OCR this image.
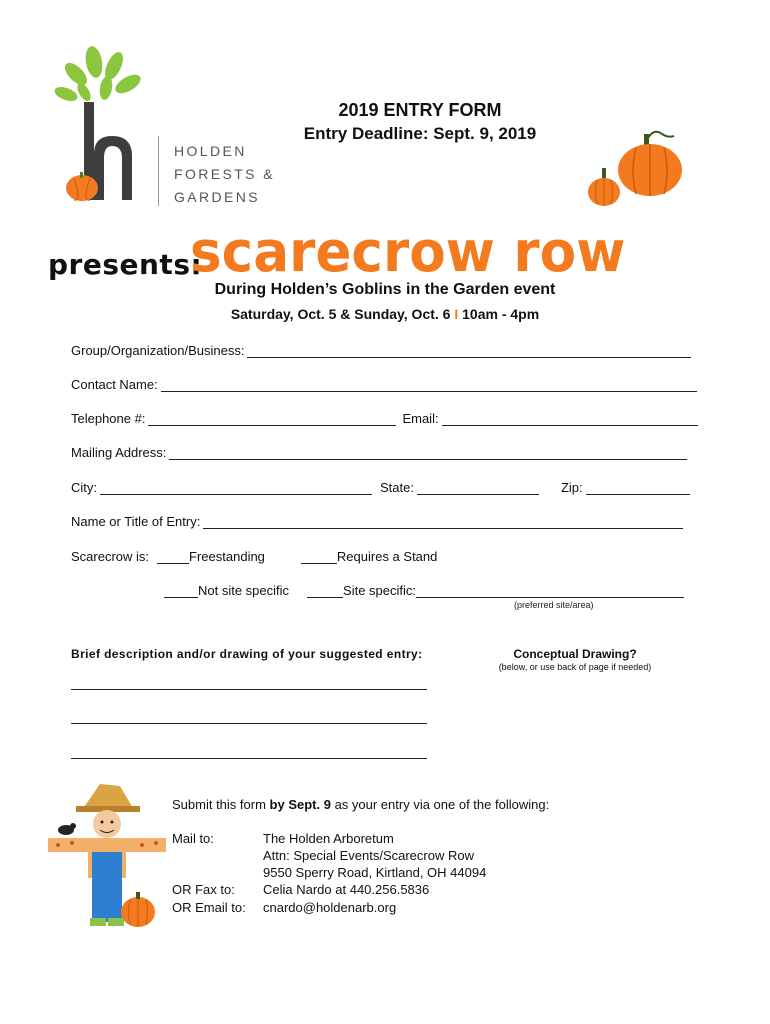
HOLDEN
FORESTS &
GARDENS
2019 ENTRY FORM
Entry Deadline: Sept. 9, 2019
presents:
scarecrow row
During Holden’s Goblins in the Garden event
Saturday, Oct. 5 & Sunday, Oct. 6 I 10am - 4pm
Group/Organization/Business:
Contact Name:
Telephone #:	Email:
Mailing Address:
City:	State:	Zip:
Name or Title of Entry:
Scarecrow is:	Freestanding	Requires a Stand
Not site specific	Site specific:
(preferred site/area)
Brief description and/or drawing of your suggested entry:	Conceptual Drawing?
(below, or use back of page if needed)
Submit this form by Sept. 9 as your entry via one of the following:
Mail to:	The Holden Arboretum
Attn: Special Events/Scarecrow Row
9550 Sperry Road, Kirtland, OH 44094
OR Fax to: Celia Nardo at 440.256.5836
OR Email to: cnardo@holdenarb.org
